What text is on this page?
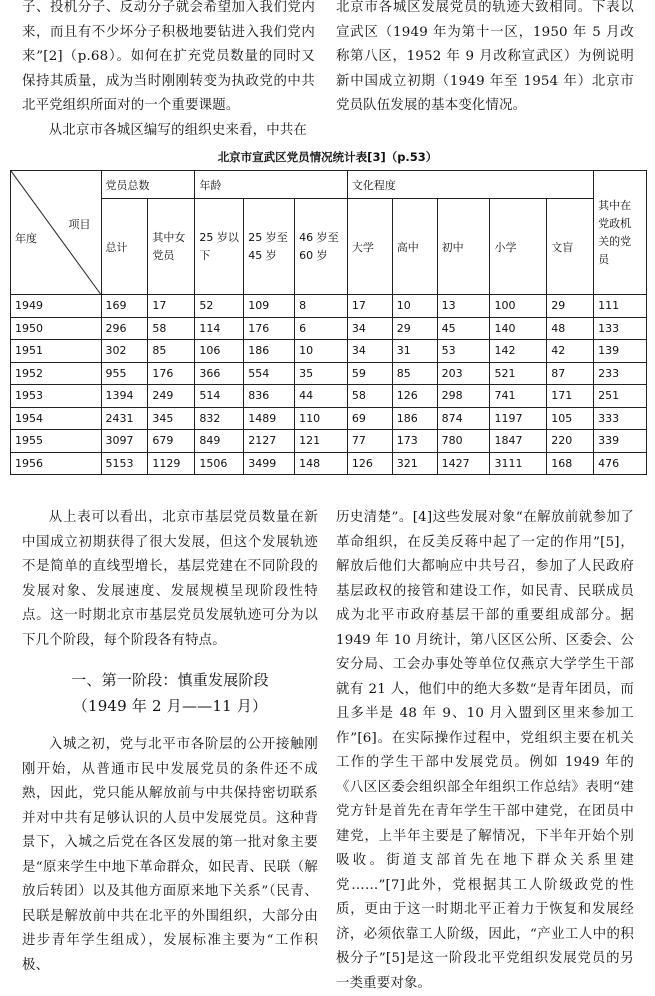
子、投机分子、反动分子就会希望加入我们党内来，而且有不少坏分子积极地要钻进入我们党内来”[2]（p.68）。如何在扩充党员数量的同时又保持其质量，成为当时刚刚转变为执政党的中共北平党组织所面对的一个重要课题。

从北京市各城区编写的组织史来看，中共在

北京市各城区发展党员的轨迹大致相同。下表以宣武区（1949 年为第十一区，1950 年 5 月改称第八区，1952 年 9 月改称宣武区）为例说明新中国成立初期（1949 年至 1954 年）北京市党员队伍发展的基本变化情况。

北京市宣武区党员情况统计表[3]（p.53）
项目
年度	党员总数		年龄			文化程度					其中在党政机关的党员
	总计	其中女党员	25 岁以下	25 岁至 45 岁	46 岁至 60 岁	大学	高中	初中	小学	文盲	
1949	169	17	52	109	8	17	10	13	100	29	111
1950	296	58	114	176	6	34	29	45	140	48	133
1951	302	85	106	186	10	34	31	53	142	42	139
1952	955	176	366	554	35	59	85	203	521	87	233
1953	1394	249	514	836	44	58	126	298	741	171	251
1954	2431	345	832	1489	110	69	186	874	1197	105	333
1955	3097	679	849	2127	121	77	173	780	1847	220	339
1956	5153	1129	1506	3499	148	126	321	1427	3111	168	476

从上表可以看出，北京市基层党员数量在新中国成立初期获得了很大发展，但这个发展轨迹不是简单的直线型增长，基层党建在不同阶段的发展对象、发展速度、发展规模呈现阶段性特点。这一时期北京市基层党员发展轨迹可分为以下几个阶段，每个阶段各有特点。

一、第一阶段：慎重发展阶段
（1949 年 2 月——11 月）

入城之初，党与北平市各阶层的公开接触刚刚开始，从普通市民中发展党员的条件还不成熟，因此，党只能从解放前与中共保持密切联系并对中共有足够认识的人员中发展党员。这种背景下，入城之后党在各区发展的第一批对象主要是“原来学生中地下革命群众，如民青、民联（解放后转团）以及其他方面原来地下关系”（民青、民联是解放前中共在北平的外围组织，大部分由进步青年学生组成），发展标准主要为“工作积极、

历史清楚”。[4]这些发展对象“在解放前就参加了革命组织，在反美反蒋中起了一定的作用”[5]，解放后他们大都响应中共号召，参加了人民政府基层政权的接管和建设工作，如民青、民联成员成为北平市政府基层干部的重要组成部分。据 1949 年 10 月统计，第八区区公所、区委会、公安分局、工会办事处等单位仅燕京大学学生干部就有 21 人，他们中的绝大多数“是青年团员，而且多半是 48 年 9、10 月入盟到区里来参加工作”[6]。在实际操作过程中，党组织主要在机关工作的学生干部中发展党员。例如 1949 年的《八区区委会组织部全年组织工作总结》表明“建党方针是首先在青年学生干部中建党，在团员中建党，上半年主要是了解情况，下半年开始个别吸收。街道支部首先在地下群众关系里建党……”[7]此外，党根据其工人阶级政党的性质，更由于这一时期北平正着力于恢复和发展经济，必须依靠工人阶级，因此，“产业工人中的积极分子”[5]是这一阶段北平党组织发展党员的另一类重要对象。
